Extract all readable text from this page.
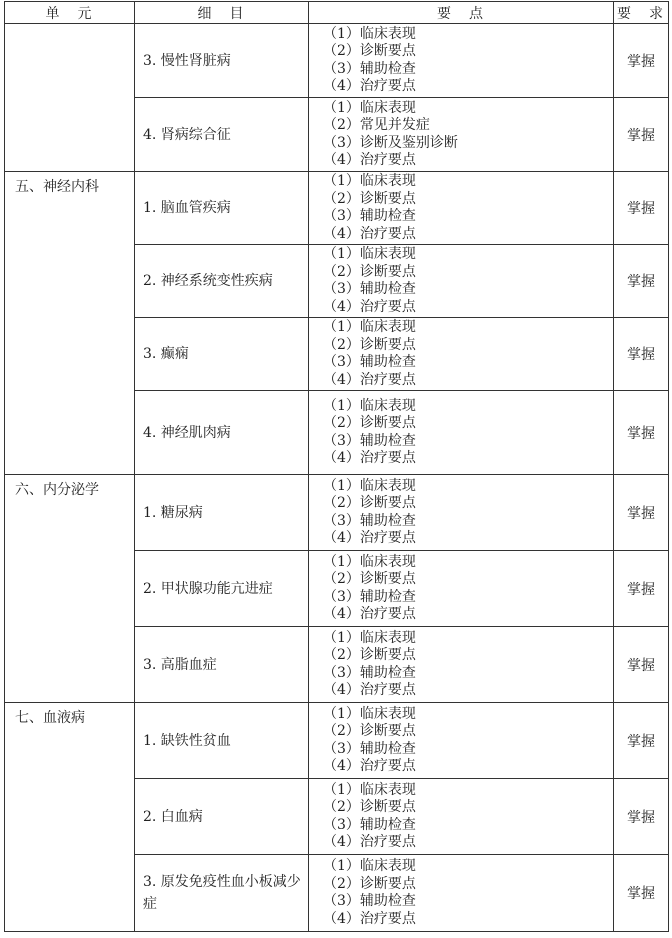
单　元	细　目	要　点	要　求
	3. 慢性肾脏病	（1）临床表现
（2）诊断要点
（3）辅助检查
（4）治疗要点	掌握
	4. 肾病综合征	（1）临床表现
（2）常见并发症
（3）诊断及鉴别诊断
（4）治疗要点	掌握
五、神经内科	1. 脑血管疾病	（1）临床表现
（2）诊断要点
（3）辅助检查
（4）治疗要点	掌握
	2. 神经系统变性疾病	（1）临床表现
（2）诊断要点
（3）辅助检查
（4）治疗要点	掌握
	3. 癫痫	（1）临床表现
（2）诊断要点
（3）辅助检查
（4）治疗要点	掌握
	4. 神经肌肉病	（1）临床表现
（2）诊断要点
（3）辅助检查
（4）治疗要点	掌握
六、内分泌学	1. 糖尿病	（1）临床表现
（2）诊断要点
（3）辅助检查
（4）治疗要点	掌握
	2. 甲状腺功能亢进症	（1）临床表现
（2）诊断要点
（3）辅助检查
（4）治疗要点	掌握
	3. 高脂血症	（1）临床表现
（2）诊断要点
（3）辅助检查
（4）治疗要点	掌握
七、血液病	1. 缺铁性贫血	（1）临床表现
（2）诊断要点
（3）辅助检查
（4）治疗要点	掌握
	2. 白血病	（1）临床表现
（2）诊断要点
（3）辅助检查
（4）治疗要点	掌握
	3. 原发免疫性血小板减少症	（1）临床表现
（2）诊断要点
（3）辅助检查
（4）治疗要点	掌握
